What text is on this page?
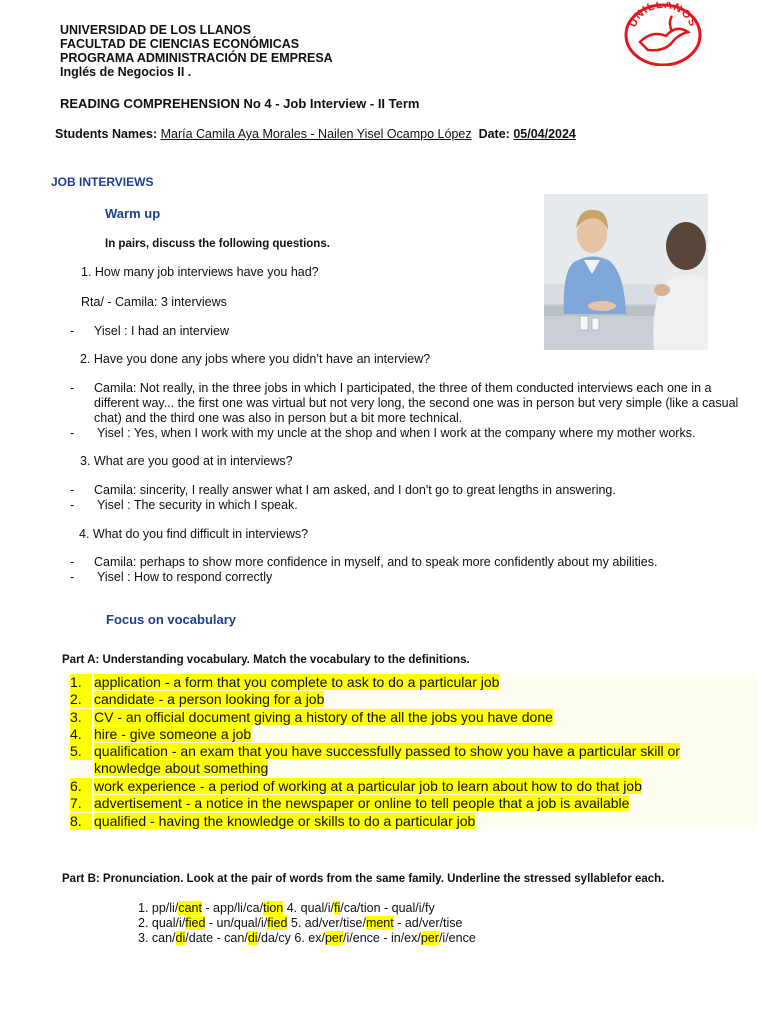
UNIVERSIDAD DE LOS LLANOS
FACULTAD DE CIENCIAS ECONÓMICAS
PROGRAMA ADMINISTRACIÓN DE EMPRESA
Inglés de Negocios II .
UNILLANOS
READING COMPREHENSION No 4 - Job Interview - II Term
Students Names: María Camila Aya Morales - Nailen Yisel Ocampo López Date: 05/04/2024
JOB INTERVIEWS
Warm up
In pairs, discuss the following questions.
1. How many job interviews have you had?
Rta/ - Camila: 3 interviews
- Yisel : I had an interview
2. Have you done any jobs where you didn’t have an interview?
-	Camila: Not really, in the three jobs in which I participated, the three of them conducted interviews each one in a
different way... the first one was virtual but not very long, the second one was in person but very simple (like a casual
chat) and the third one was also in person but a bit more technical.
- Yisel : Yes, when I work with my uncle at the shop and when I work at the company where my mother works.
3. What are you good at in interviews?
- Camila: sincerity, I really answer what I am asked, and I don't go to great lengths in answering.
- Yisel : The security in which I speak.
4. What do you find difficult in interviews?
- Camila: perhaps to show more confidence in myself, and to speak more confidently about my abilities.
- Yisel : How to respond correctly
Focus on vocabulary
Part A: Understanding vocabulary. Match the vocabulary to the definitions.
1. application - a form that you complete to ask to do a particular job
2. candidate - a person looking for a job
3. CV - an official document giving a history of the all the jobs you have done
4. hire - give someone a job
5. qualification - an exam that you have successfully passed to show you have a particular skill or
knowledge about something
6. work experience - a period of working at a particular job to learn about how to do that job
7. advertisement - a notice in the newspaper or online to tell people that a job is available
8. qualified - having the knowledge or skills to do a particular job
Part B: Pronunciation. Look at the pair of words from the same family. Underline the stressed syllablefor each.
1. pp/li/cant - app/li/ca/tion 4. qual/i/fi/ca/tion - qual/i/fy
2. qual/i/fied - un/qual/i/fied 5. ad/ver/tise/ment - ad/ver/tise
3. can/di/date - can/di/da/cy 6. ex/per/i/ence - in/ex/per/i/ence
